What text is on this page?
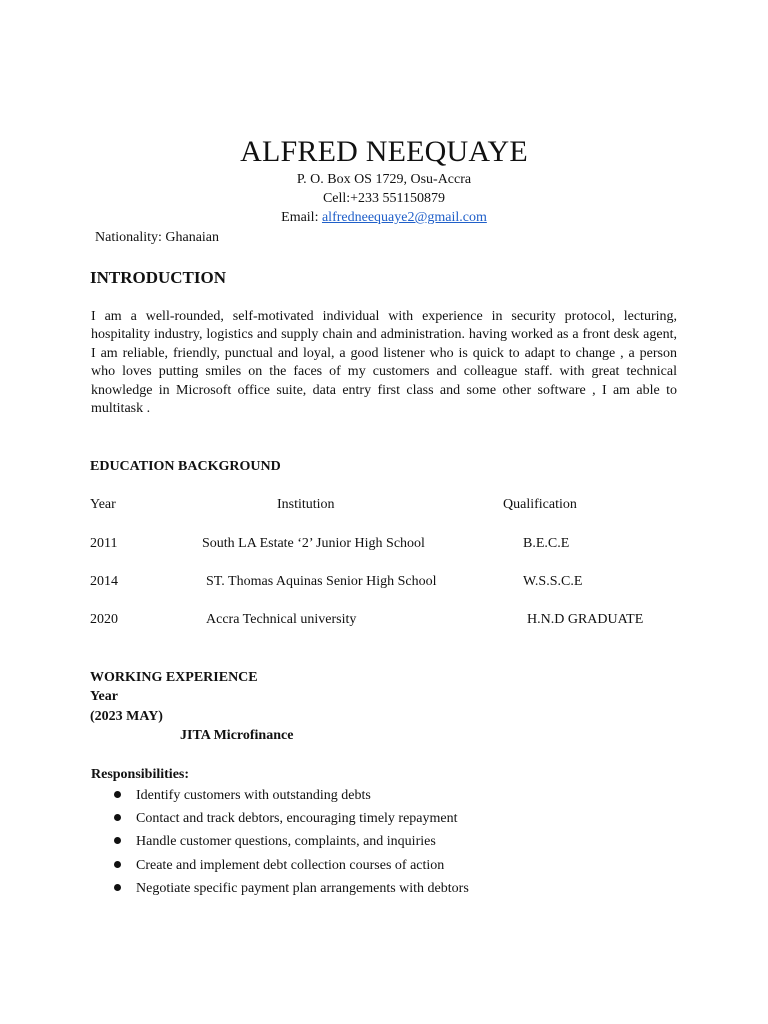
ALFRED NEEQUAYE
P. O. Box OS 1729, Osu-Accra
Cell:+233 551150879
Email: alfredneequaye2@gmail.com
Nationality: Ghanaian
INTRODUCTION

I am a well-rounded, self-motivated individual with experience in security protocol, lecturing, hospitality industry, logistics and supply chain and administration. having worked as a front desk agent, I am reliable, friendly, punctual and loyal, a good listener who is quick to adapt to change , a person who loves putting smiles on the faces of my customers and colleague staff. with great technical knowledge in Microsoft office suite, data entry first class and some other software , I am able to multitask .

EDUCATION BACKGROUND
Year	Institution	Qualification
2011	South LA Estate ‘2’ Junior High School	B.E.C.E
2014	ST. Thomas Aquinas Senior High School	W.S.S.C.E
2020	Accra Technical university	H.N.D GRADUATE
WORKING EXPERIENCE
Year
(2023 MAY)
JITA Microfinance
Responsibilities:
Identify customers with outstanding debts
Contact and track debtors, encouraging timely repayment
Handle customer questions, complaints, and inquiries
Create and implement debt collection courses of action
Negotiate specific payment plan arrangements with debtors
